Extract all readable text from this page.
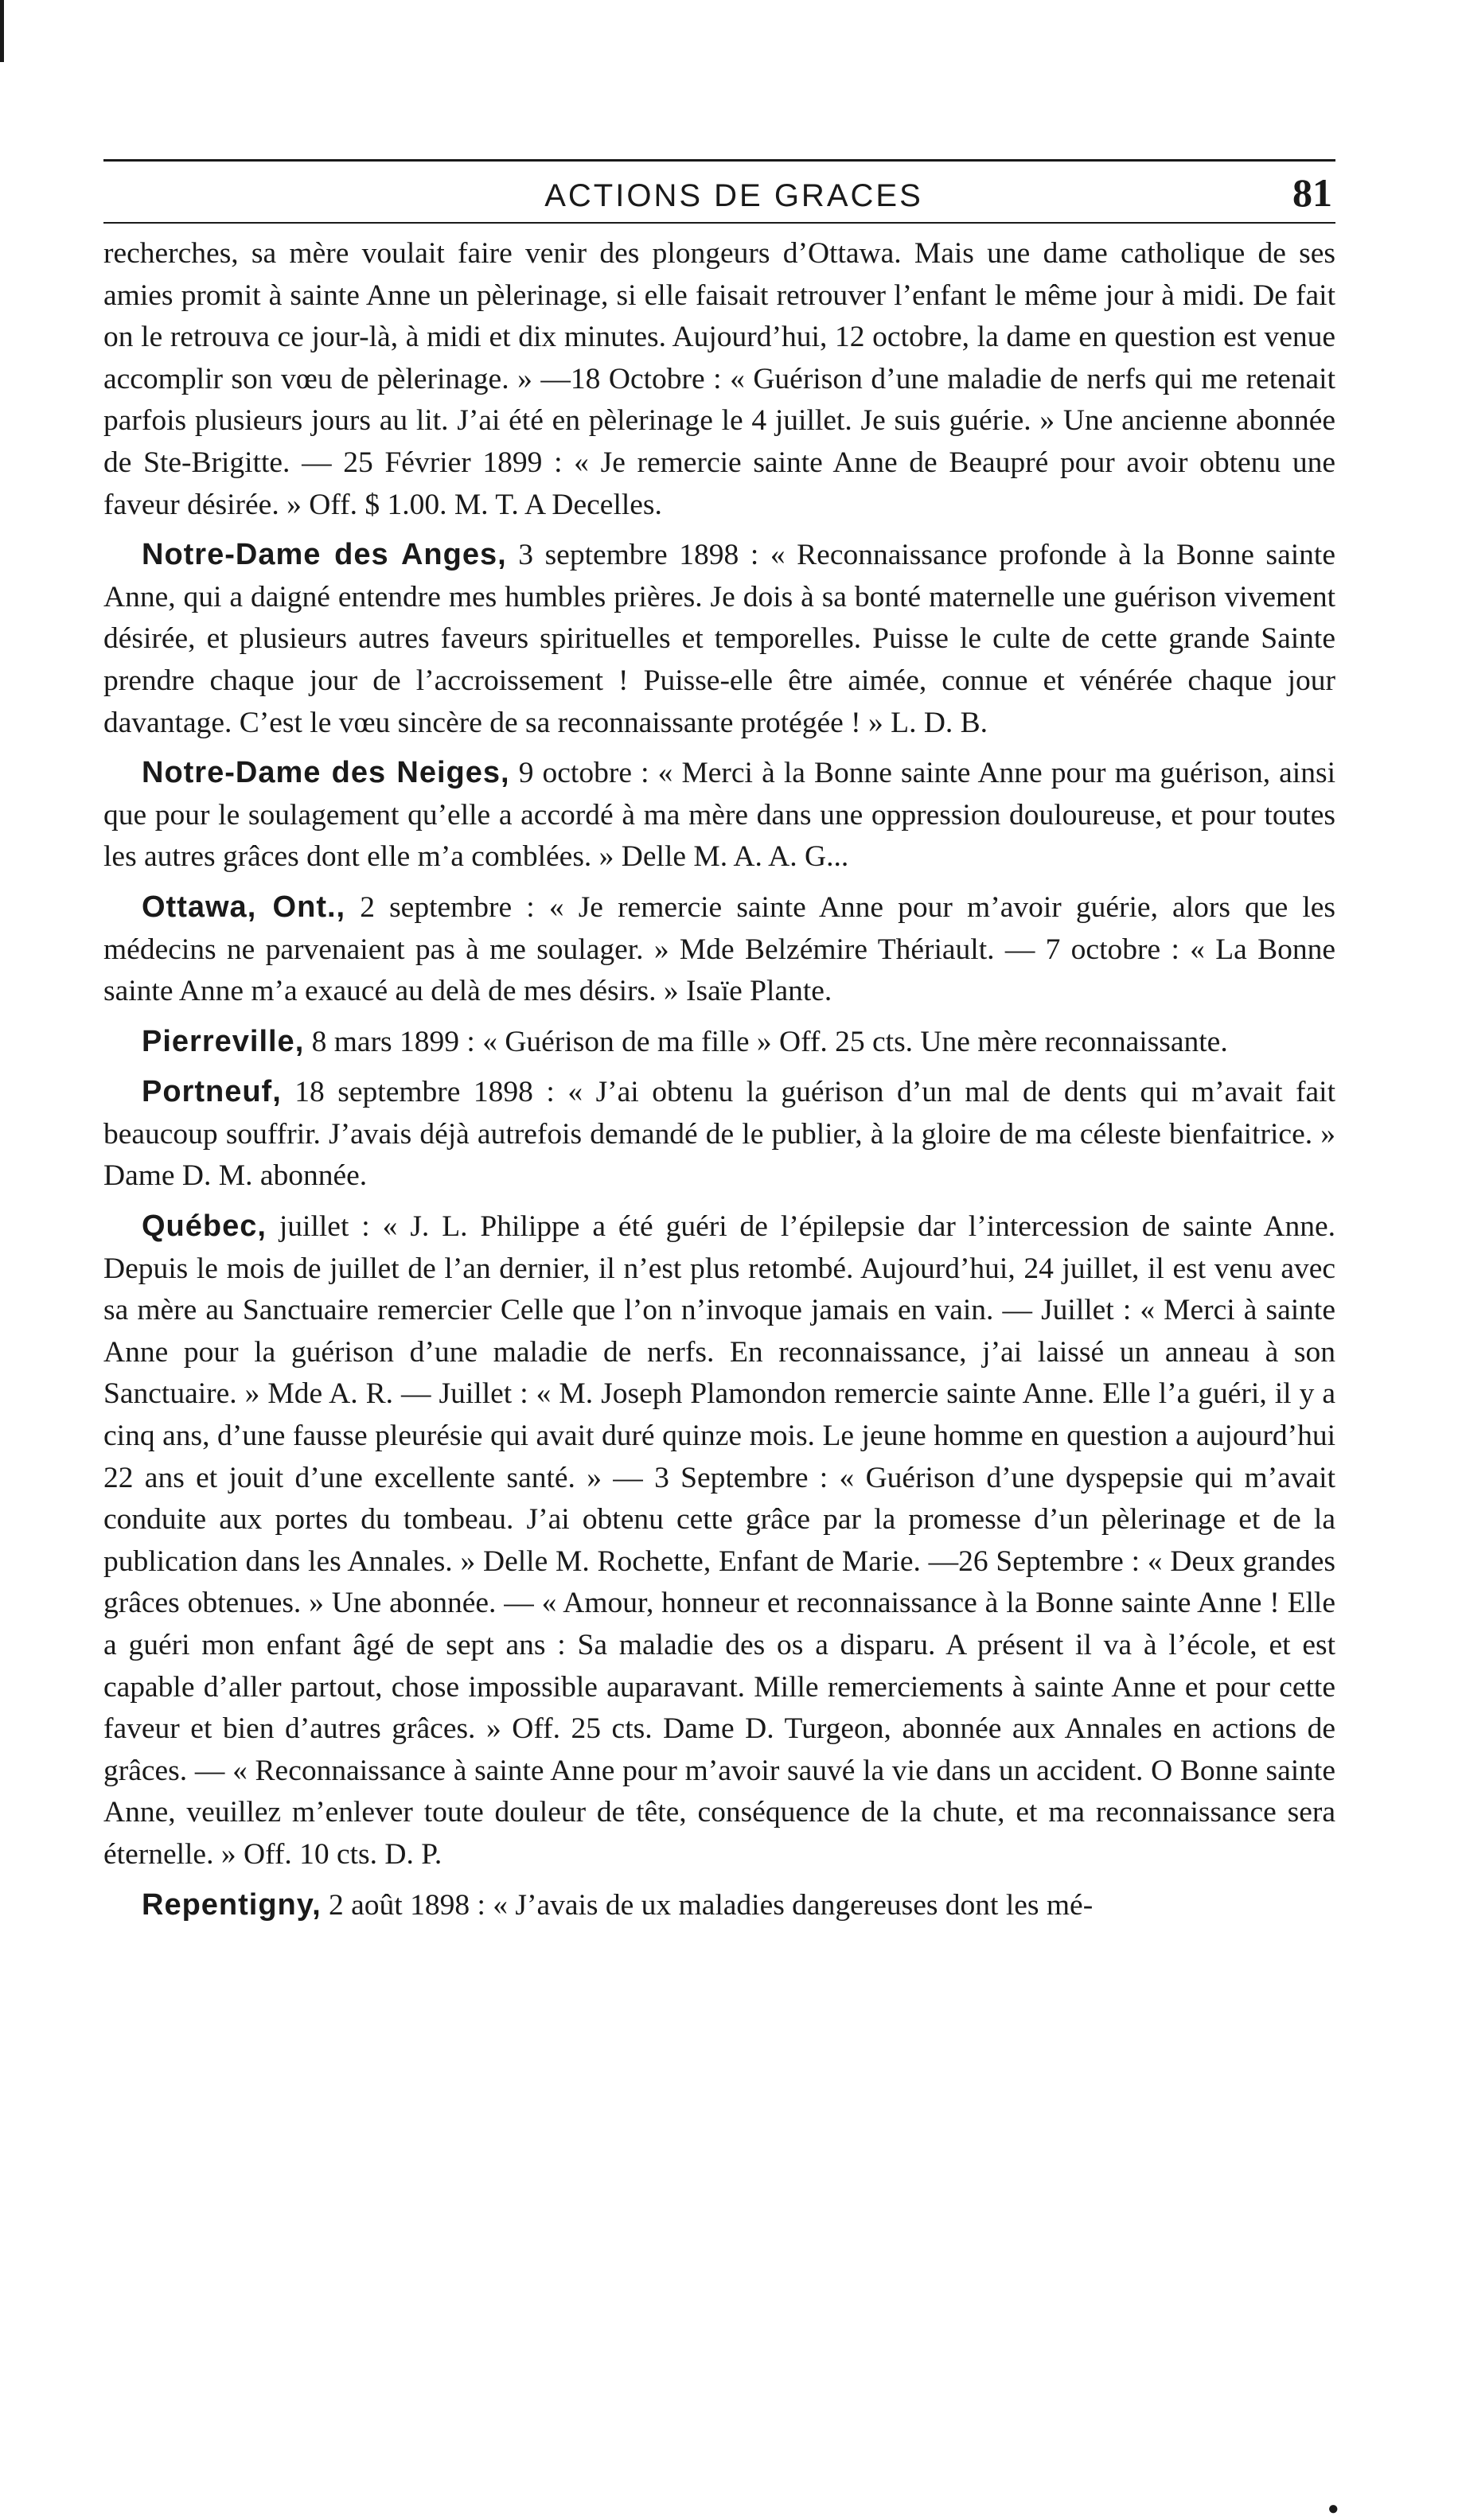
ACTIONS DE GRACES	81

recherches, sa mère voulait faire venir des plongeurs d’Ottawa. Mais une dame catholique de ses amies promit à sainte Anne un pèlerinage, si elle faisait retrouver l’enfant le même jour à midi. De fait on le retrouva ce jour-là, à midi et dix minutes. Aujourd’hui, 12 octobre, la dame en question est venue accomplir son vœu de pèlerinage. » —18 Octobre : « Guérison d’une maladie de nerfs qui me retenait parfois plusieurs jours au lit. J’ai été en pèlerinage le 4 juillet. Je suis guérie. » Une ancienne abonnée de Ste-Brigitte. — 25 Février 1899 : « Je remercie sainte Anne de Beaupré pour avoir obtenu une faveur désirée. » Off. $ 1.00. M. T. A Decelles.

Notre-Dame des Anges, 3 septembre 1898 : « Reconnaissance profonde à la Bonne sainte Anne, qui a daigné entendre mes humbles prières. Je dois à sa bonté maternelle une guérison vivement désirée, et plusieurs autres faveurs spirituelles et temporelles. Puisse le culte de cette grande Sainte prendre chaque jour de l’accroissement ! Puisse-elle être aimée, connue et vénérée chaque jour davantage. C’est le vœu sincère de sa reconnaissante protégée ! » L. D. B.

Notre-Dame des Neiges, 9 octobre : « Merci à la Bonne sainte Anne pour ma guérison, ainsi que pour le soulagement qu’elle a accordé à ma mère dans une oppression douloureuse, et pour toutes les autres grâces dont elle m’a comblées. » Delle M. A. A. G...

Ottawa, Ont., 2 septembre : « Je remercie sainte Anne pour m’avoir guérie, alors que les médecins ne parvenaient pas à me soulager. » Mde Belzémire Thériault. — 7 octobre : « La Bonne sainte Anne m’a exaucé au delà de mes désirs. » Isaïe Plante.

Pierreville, 8 mars 1899 : « Guérison de ma fille » Off. 25 cts. Une mère reconnaissante.

Portneuf, 18 septembre 1898 : « J’ai obtenu la guérison d’un mal de dents qui m’avait fait beaucoup souffrir. J’avais déjà autrefois demandé de le publier, à la gloire de ma céleste bienfaitrice. » Dame D. M. abonnée.

Québec, juillet : « J. L. Philippe a été guéri de l’épilepsie dar l’intercession de sainte Anne. Depuis le mois de juillet de l’an dernier, il n’est plus retombé. Aujourd’hui, 24 juillet, il est venu avec sa mère au Sanctuaire remercier Celle que l’on n’invoque jamais en vain. — Juillet : « Merci à sainte Anne pour la guérison d’une maladie de nerfs. En reconnaissance, j’ai laissé un anneau à son Sanctuaire. » Mde A. R. — Juillet : « M. Joseph Plamondon remercie sainte Anne. Elle l’a guéri, il y a cinq ans, d’une fausse pleurésie qui avait duré quinze mois. Le jeune homme en question a aujourd’hui 22 ans et jouit d’une excellente santé. » — 3 Septembre : « Guérison d’une dyspepsie qui m’avait conduite aux portes du tombeau. J’ai obtenu cette grâce par la promesse d’un pèlerinage et de la publication dans les Annales. » Delle M. Rochette, Enfant de Marie. —26 Septembre : « Deux grandes grâces obtenues. » Une abonnée. — « Amour, honneur et reconnaissance à la Bonne sainte Anne ! Elle a guéri mon enfant âgé de sept ans : Sa maladie des os a disparu. A présent il va à l’école, et est capable d’aller partout, chose impossible auparavant. Mille remerciements à sainte Anne et pour cette faveur et bien d’autres grâces. » Off. 25 cts. Dame D. Turgeon, abonnée aux Annales en actions de grâces. — « Reconnaissance à sainte Anne pour m’avoir sauvé la vie dans un accident. O Bonne sainte Anne, veuillez m’enlever toute douleur de tête, conséquence de la chute, et ma reconnaissance sera éternelle. » Off. 10 cts. D. P.

Repentigny, 2 août 1898 : « J’avais de ux maladies dangereuses dont les mé-

●
